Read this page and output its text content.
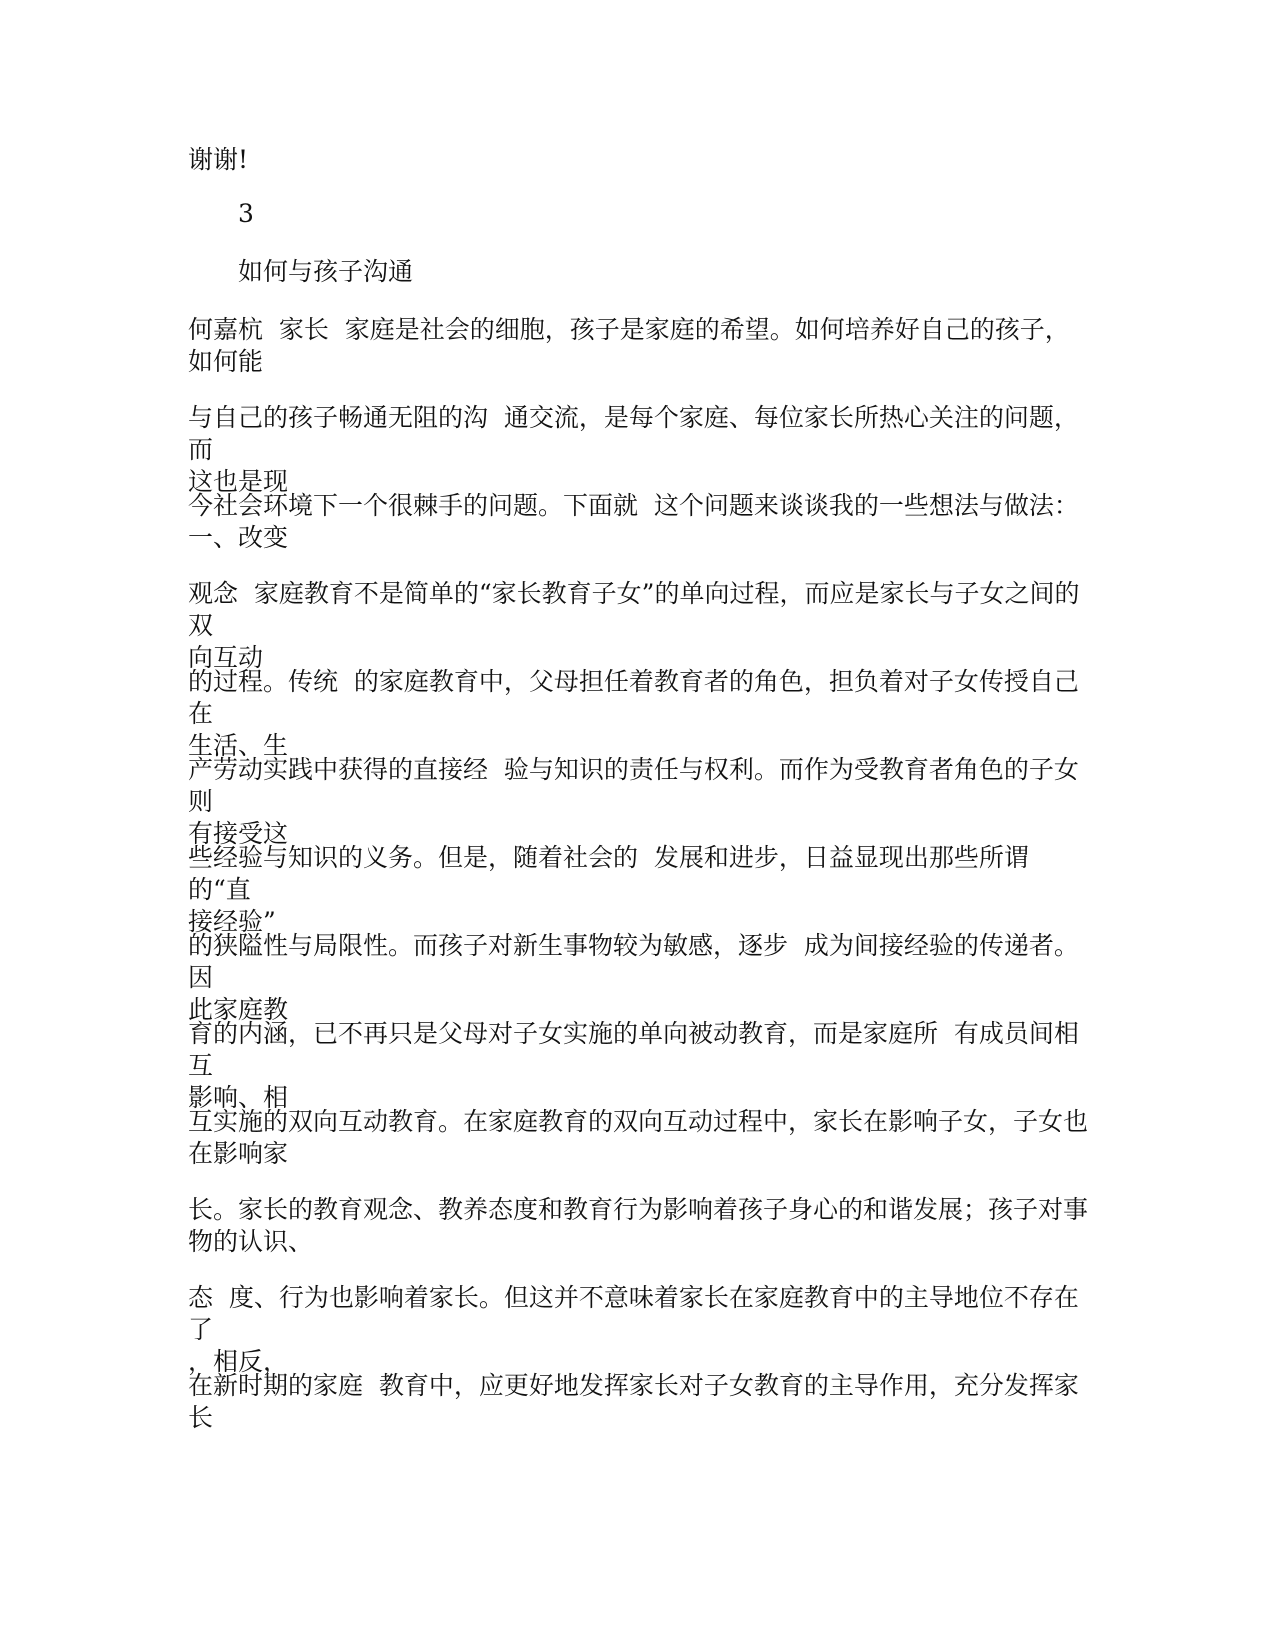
谢谢!
3
如何与孩子沟通
何嘉杭  家长  家庭是社会的细胞，孩子是家庭的希望。如何培养好自己的孩子，
如何能
与自己的孩子畅通无阻的沟  通交流，是每个家庭、每位家长所热心关注的问题，而
这也是现
今社会环境下一个很棘手的问题。下面就  这个问题来谈谈我的一些想法与做法：
一、改变
观念  家庭教育不是简单的“家长教育子女”的单向过程，而应是家长与子女之间的双
向互动
的过程。传统  的家庭教育中，父母担任着教育者的角色，担负着对子女传授自己在
生活、生
产劳动实践中获得的直接经  验与知识的责任与权利。而作为受教育者角色的子女则
有接受这
些经验与知识的义务。但是，随着社会的  发展和进步，日益显现出那些所谓的“直
接经验”
的狭隘性与局限性。而孩子对新生事物较为敏感，逐步  成为间接经验的传递者。因
此家庭教
育的内涵，已不再只是父母对子女实施的单向被动教育，而是家庭所  有成员间相互
影响、相
互实施的双向互动教育。在家庭教育的双向互动过程中，家长在影响子女，子女也
在影响家
长。家长的教育观念、教养态度和教育行为影响着孩子身心的和谐发展；孩子对事
物的认识、
态  度、行为也影响着家长。但这并不意味着家长在家庭教育中的主导地位不存在了
，相反，
在新时期的家庭  教育中，应更好地发挥家长对子女教育的主导作用，充分发挥家长
